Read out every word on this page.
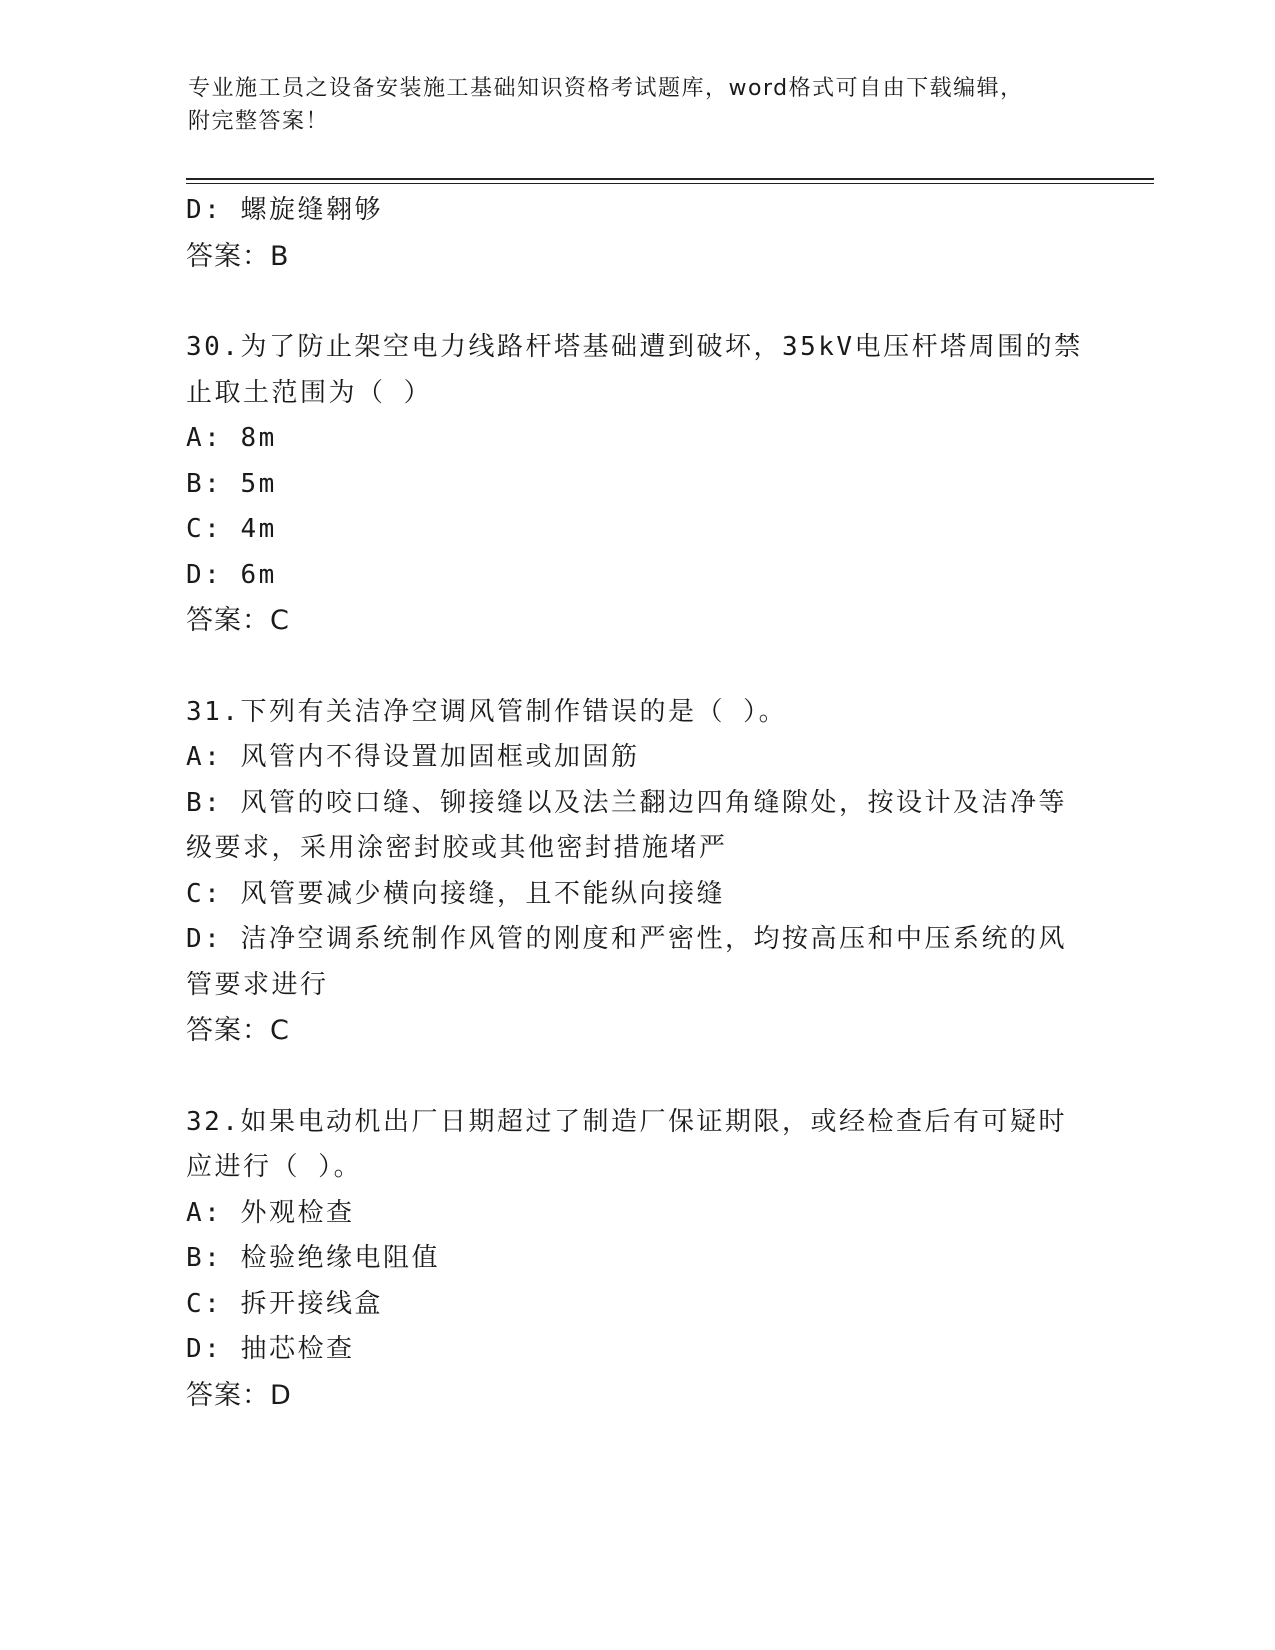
专业施工员之设备安装施工基础知识资格考试题库，word格式可自由下载编辑，
附完整答案！
D: 螺旋缝翱够
答案：B
30.为了防止架空电力线路杆塔基础遭到破坏，35kV电压杆塔周围的禁
止取土范围为（ ）
A: 8m
B: 5m
C: 4m
D: 6m
答案：C
31.下列有关洁净空调风管制作错误的是（ ）。
A: 风管内不得设置加固框或加固筋
B: 风管的咬口缝、铆接缝以及法兰翻边四角缝隙处，按设计及洁净等
级要求，采用涂密封胶或其他密封措施堵严
C: 风管要减少横向接缝，且不能纵向接缝
D: 洁净空调系统制作风管的刚度和严密性，均按高压和中压系统的风
管要求进行
答案：C
32.如果电动机出厂日期超过了制造厂保证期限，或经检查后有可疑时
应进行（ ）。
A: 外观检查
B: 检验绝缘电阻值
C: 拆开接线盒
D: 抽芯检查
答案：D
